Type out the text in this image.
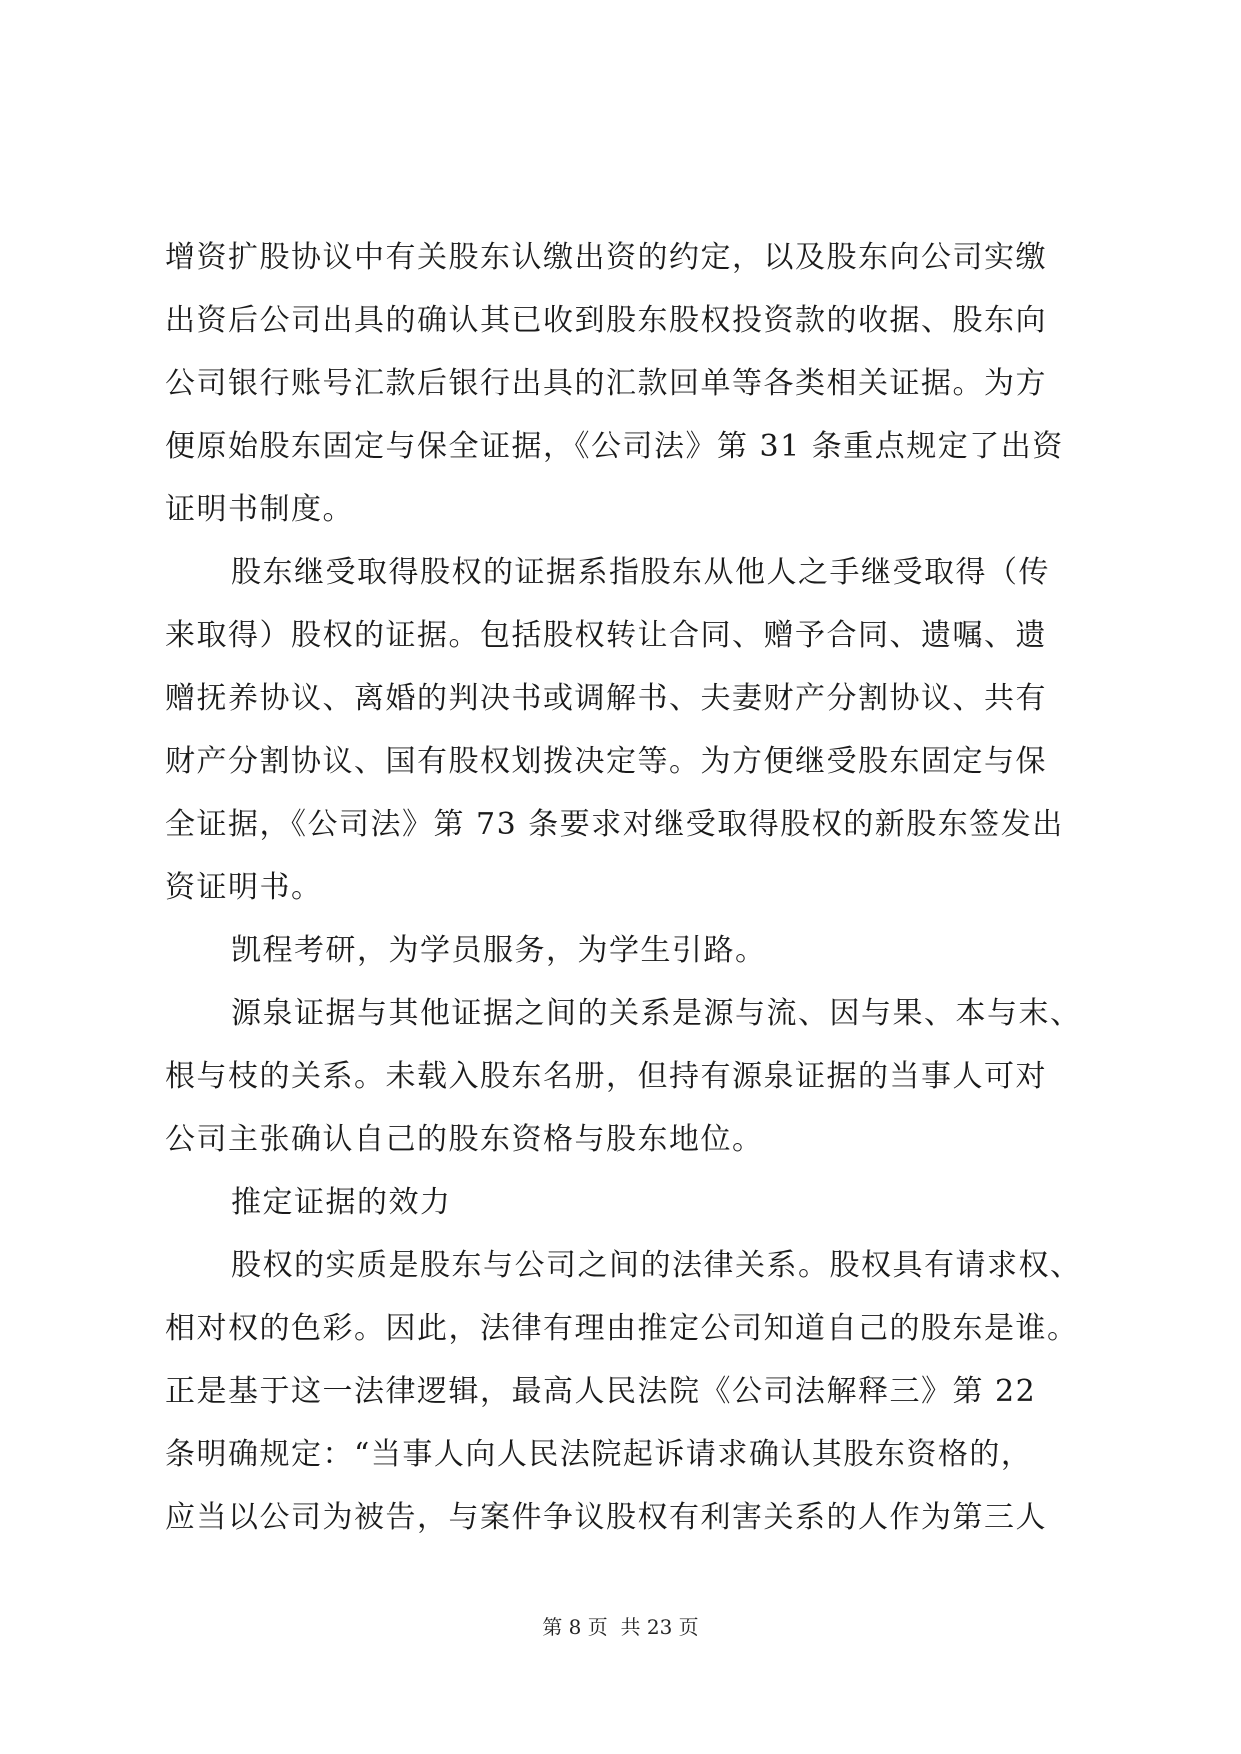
增资扩股协议中有关股东认缴出资的约定，以及股东向公司实缴
出资后公司出具的确认其已收到股东股权投资款的收据、股东向
公司银行账号汇款后银行出具的汇款回单等各类相关证据。为方
便原始股东固定与保全证据，《公司法》第 31 条重点规定了出资
证明书制度。
股东继受取得股权的证据系指股东从他人之手继受取得（传
来取得）股权的证据。包括股权转让合同、赠予合同、遗嘱、遗
赠抚养协议、离婚的判决书或调解书、夫妻财产分割协议、共有
财产分割协议、国有股权划拨决定等。为方便继受股东固定与保
全证据，《公司法》第 73 条要求对继受取得股权的新股东签发出
资证明书。
凯程考研，为学员服务，为学生引路。
源泉证据与其他证据之间的关系是源与流、因与果、本与末、
根与枝的关系。未载入股东名册，但持有源泉证据的当事人可对
公司主张确认自己的股东资格与股东地位。
推定证据的效力
股权的实质是股东与公司之间的法律关系。股权具有请求权、
相对权的色彩。因此，法律有理由推定公司知道自己的股东是谁。
正是基于这一法律逻辑，最高人民法院《公司法解释三》第 22
条明确规定：“当事人向人民法院起诉请求确认其股东资格的，
应当以公司为被告，与案件争议股权有利害关系的人作为第三人
第 8 页  共 23 页
